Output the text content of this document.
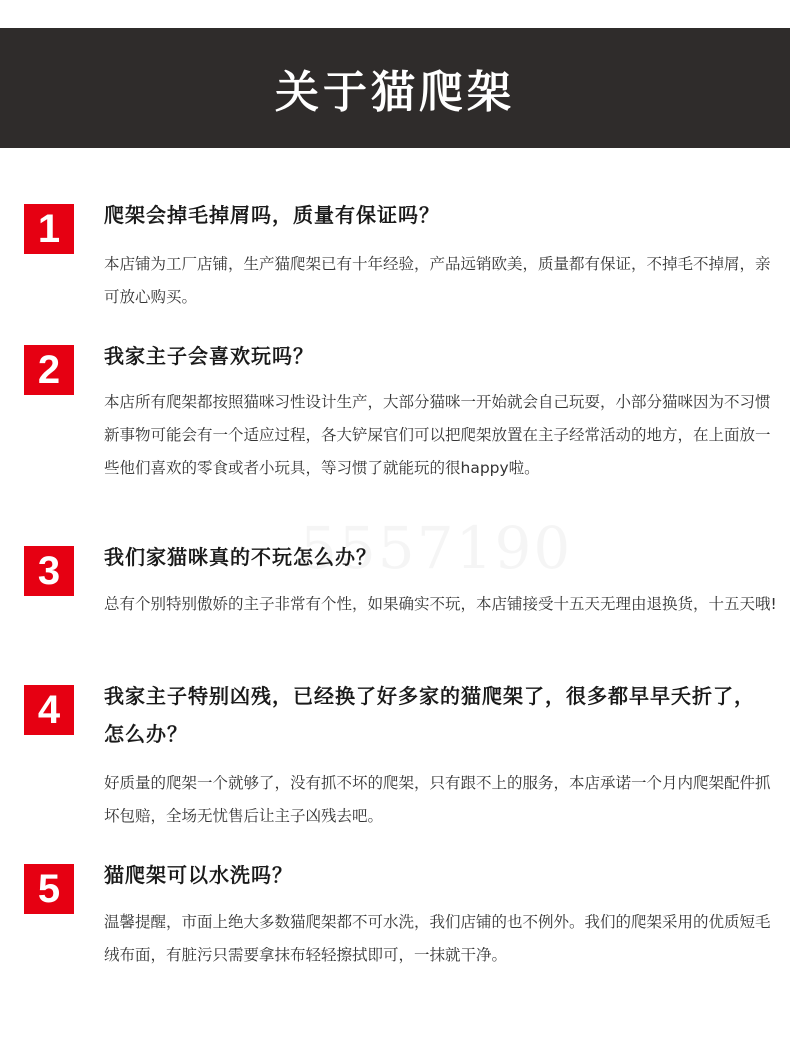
关于猫爬架
1	爬架会掉毛掉屑吗，质量有保证吗？
本店铺为工厂店铺，生产猫爬架已有十年经验，产品远销欧美，质量都有保证，不掉毛不掉屑，亲可放心购买。
2	我家主子会喜欢玩吗？
本店所有爬架都按照猫咪习性设计生产，大部分猫咪一开始就会自己玩耍，小部分猫咪因为不习惯新事物可能会有一个适应过程，各大铲屎官们可以把爬架放置在主子经常活动的地方，在上面放一些他们喜欢的零食或者小玩具，等习惯了就能玩的很happy啦。
3	我们家猫咪真的不玩怎么办？
总有个别特别傲娇的主子非常有个性，如果确实不玩，本店铺接受十五天无理由退换货，十五天哦!
4	我家主子特别凶残，已经换了好多家的猫爬架了，很多都早早夭折了，怎么办？
好质量的爬架一个就够了，没有抓不坏的爬架，只有跟不上的服务，本店承诺一个月内爬架配件抓坏包赔，全场无忧售后让主子凶残去吧。
5	猫爬架可以水洗吗？
温馨提醒，市面上绝大多数猫爬架都不可水洗，我们店铺的也不例外。我们的爬架采用的优质短毛绒布面，有脏污只需要拿抹布轻轻擦拭即可，一抹就干净。
